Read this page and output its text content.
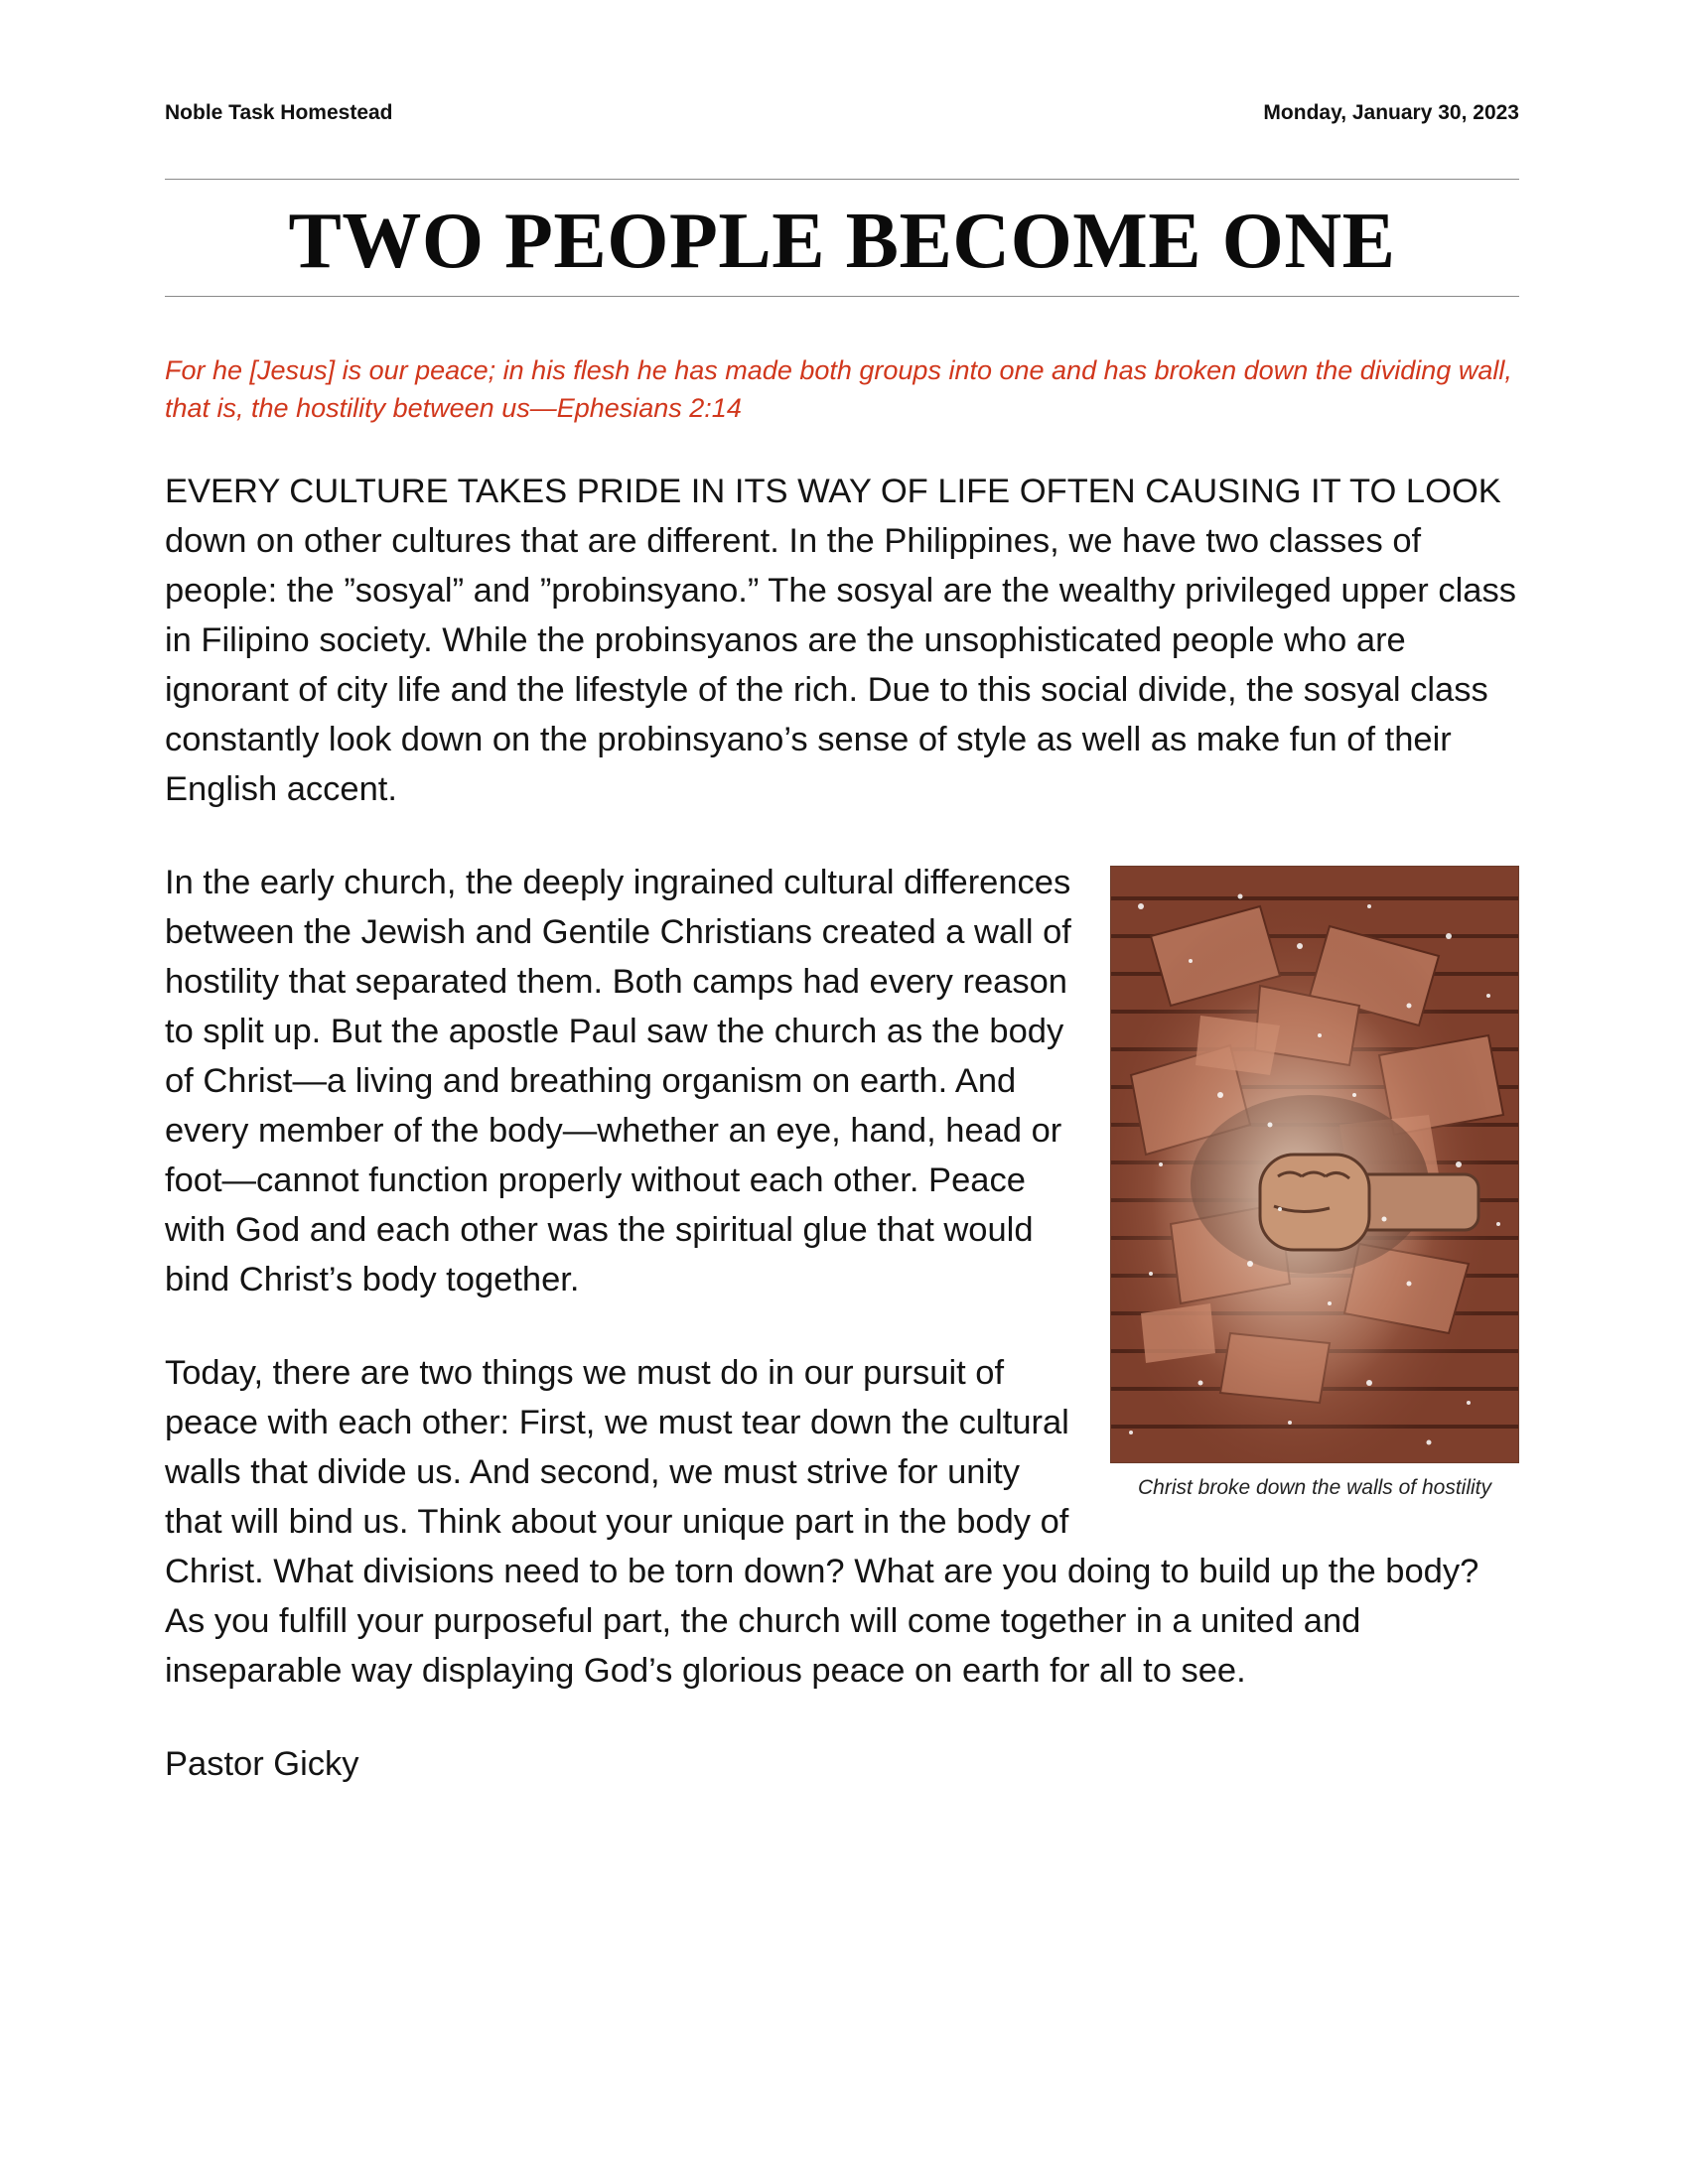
Noble Task Homestead	Monday, January 30, 2023
TWO PEOPLE BECOME ONE
For he [Jesus] is our peace; in his flesh he has made both groups into one and has broken down the dividing wall, that is, the hostility between us—Ephesians 2:14

EVERY CULTURE TAKES PRIDE IN ITS WAY OF LIFE OFTEN CAUSING IT TO LOOK down on other cultures that are different. In the Philippines, we have two classes of people: the ”sosyal” and ”probinsyano.” The sosyal are the wealthy privileged upper class in Filipino society. While the probinsyanos are the unsophisticated people who are ignorant of city life and the lifestyle of the rich. Due to this social divide, the sosyal class constantly look down on the probinsyano’s sense of style as well as make fun of their English accent.

Christ broke down the walls of hostility

In the early church, the deeply ingrained cultural differences between the Jewish and Gentile Christians created a wall of hostility that separated them. Both camps had every reason to split up. But the apostle Paul saw the church as the body of Christ—a living and breathing organism on earth. And every member of the body—whether an eye, hand, head or foot—cannot function properly without each other. Peace with God and each other was the spiritual glue that would bind Christ’s body together.

Today, there are two things we must do in our pursuit of peace with each other: First, we must tear down the cultural walls that divide us. And second, we must strive for unity that will bind us. Think about your unique part in the body of Christ. What divisions need to be torn down? What are you doing to build up the body? As you fulfill your purposeful part, the church will come together in a united and inseparable way displaying God’s glorious peace on earth for all to see.

Pastor Gicky
